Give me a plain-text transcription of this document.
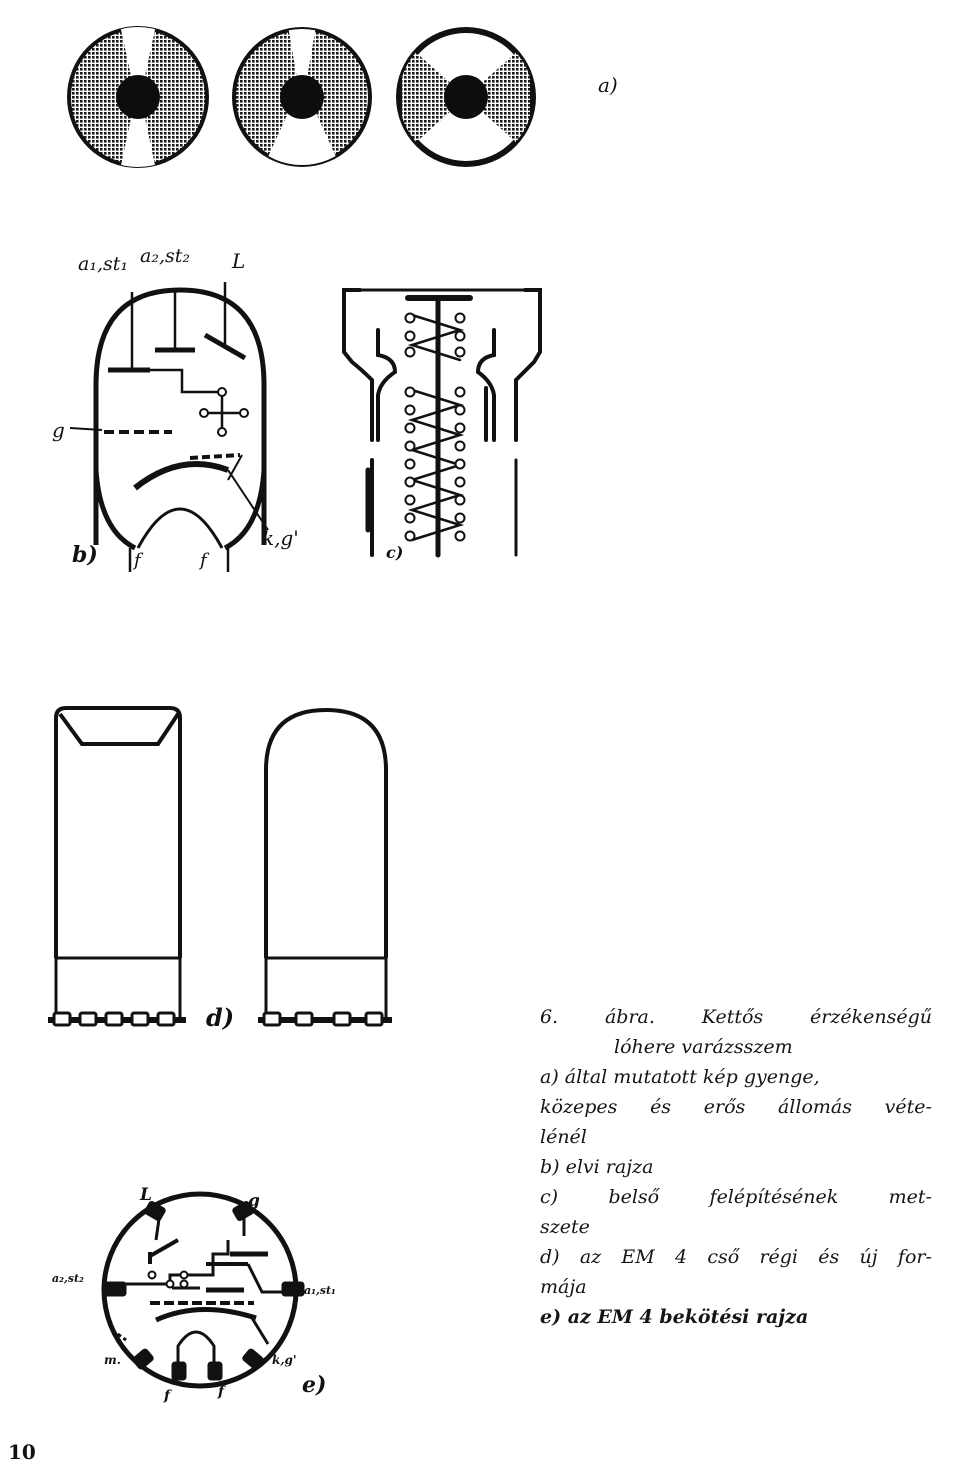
a)
a₁,st₁ a₂,st₂ L
g
k,g'
f	f
b)	c)
d)
L	g
a₂,st₂
a₁,st₁
m.
f	f
k,g'
e)
6. ábra. Kettős érzékenségű
lóhere varázsszem
a) által mutatott kép gyenge,
közepes és erős állomás véte-
lénél
b) elvi rajza
c)	belső	felépítésének	met-
szete
d) az EM 4 cső régi és új for-
mája
e) az EM 4 bekötési rajza
10
